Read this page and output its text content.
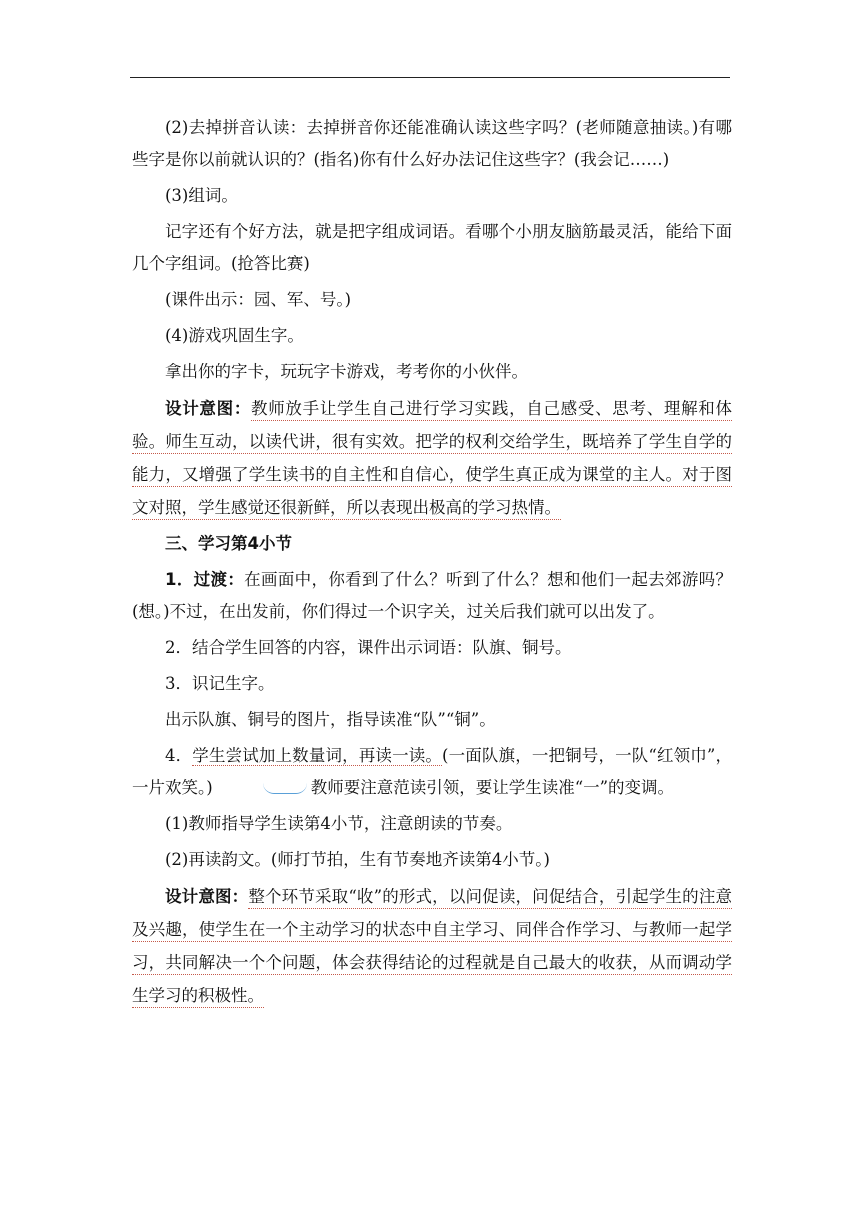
(2)去掉拼音认读：去掉拼音你还能准确认读这些字吗？(老师随意抽读。)有哪些字是你以前就认识的？(指名)你有什么好办法记住这些字？(我会记……)

(3)组词。

记字还有个好方法，就是把字组成词语。看哪个小朋友脑筋最灵活，能给下面几个字组词。(抢答比赛)

(课件出示：园、军、号。)

(4)游戏巩固生字。

拿出你的字卡，玩玩字卡游戏，考考你的小伙伴。

设计意图：教师放手让学生自己进行学习实践，自己感受、思考、理解和体验。师生互动，以读代讲，很有实效。把学的权利交给学生，既培养了学生自学的能力，又增强了学生读书的自主性和自信心，使学生真正成为课堂的主人。对于图文对照，学生感觉还很新鲜，所以表现出极高的学习热情。

三、学习第4小节

1．过渡：在画面中，你看到了什么？听到了什么？想和他们一起去郊游吗？(想。)不过，在出发前，你们得过一个识字关，过关后我们就可以出发了。

2．结合学生回答的内容，课件出示词语：队旗、铜号。

3．识记生字。

出示队旗、铜号的图片，指导读准“队”“铜”。

4．学生尝试加上数量词，再读一读。(一面队旗，一把铜号，一队“红领巾”，一片欢笑。)	教师要注意范读引领，要让学生读准“一”的变调。

(1)教师指导学生读第4小节，注意朗读的节奏。

(2)再读韵文。(师打节拍，生有节奏地齐读第4小节。)

设计意图：整个环节采取“收”的形式，以问促读，问促结合，引起学生的注意及兴趣，使学生在一个主动学习的状态中自主学习、同伴合作学习、与教师一起学习，共同解决一个个问题，体会获得结论的过程就是自己最大的收获，从而调动学生学习的积极性。
